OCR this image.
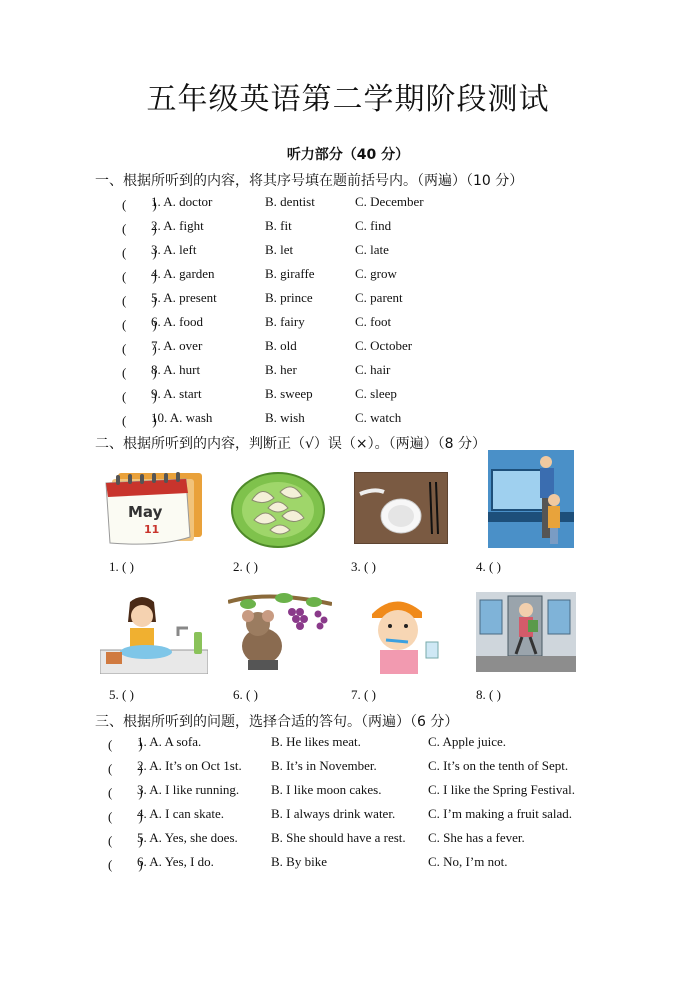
五年级英语第二学期阶段测试
听力部分（40 分）
一、根据所听到的内容，将其序号填在题前括号内。（两遍）（10 分）
(　　)
1. A. doctor	B. dentist	C. December
(　　)
2. A. fight	B. fit	C. find
(　　)
3. A. left	B. let	C. late
(　　)
4. A. garden	B. giraffe	C. grow
(　　)
5. A. present	B. prince	C. parent
(　　)
6. A. food	B. fairy	C. foot
(　　)
7. A. over	B. old	C. October
(　　)
8. A. hurt	B. her	C. hair
(　　)
9. A. start	B. sweep	C. sleep
(　　)
10. A. wash	B. wish	C. watch
二、根据所听到的内容，判断正（√）误（×）。（两遍）（8 分）
May
11
1. ( )	2. ( )	3. ( )	4. ( )
5. ( )	6. ( )	7. ( )	8. ( )
三、根据所听到的问题，选择合适的答句。（两遍）（6 分）
(　　)
1. A. A sofa.	B. He likes meat.	C. Apple juice.
(　　)
2. A. It’s on Oct 1st. B. It’s in November.	C. It’s on the tenth of Sept.
(　　)
3. A. I like running. B. I like moon cakes.	C. I like the Spring Festival.
(　　)
4. A. I can skate.	B. I always drink water.	C. I’m making a fruit salad.
(　　)
5. A. Yes, she does.	B. She should have a rest. C. She has a fever.
(　　)
6. A. Yes, I do.	B. By bike	C. No, I’m not.
